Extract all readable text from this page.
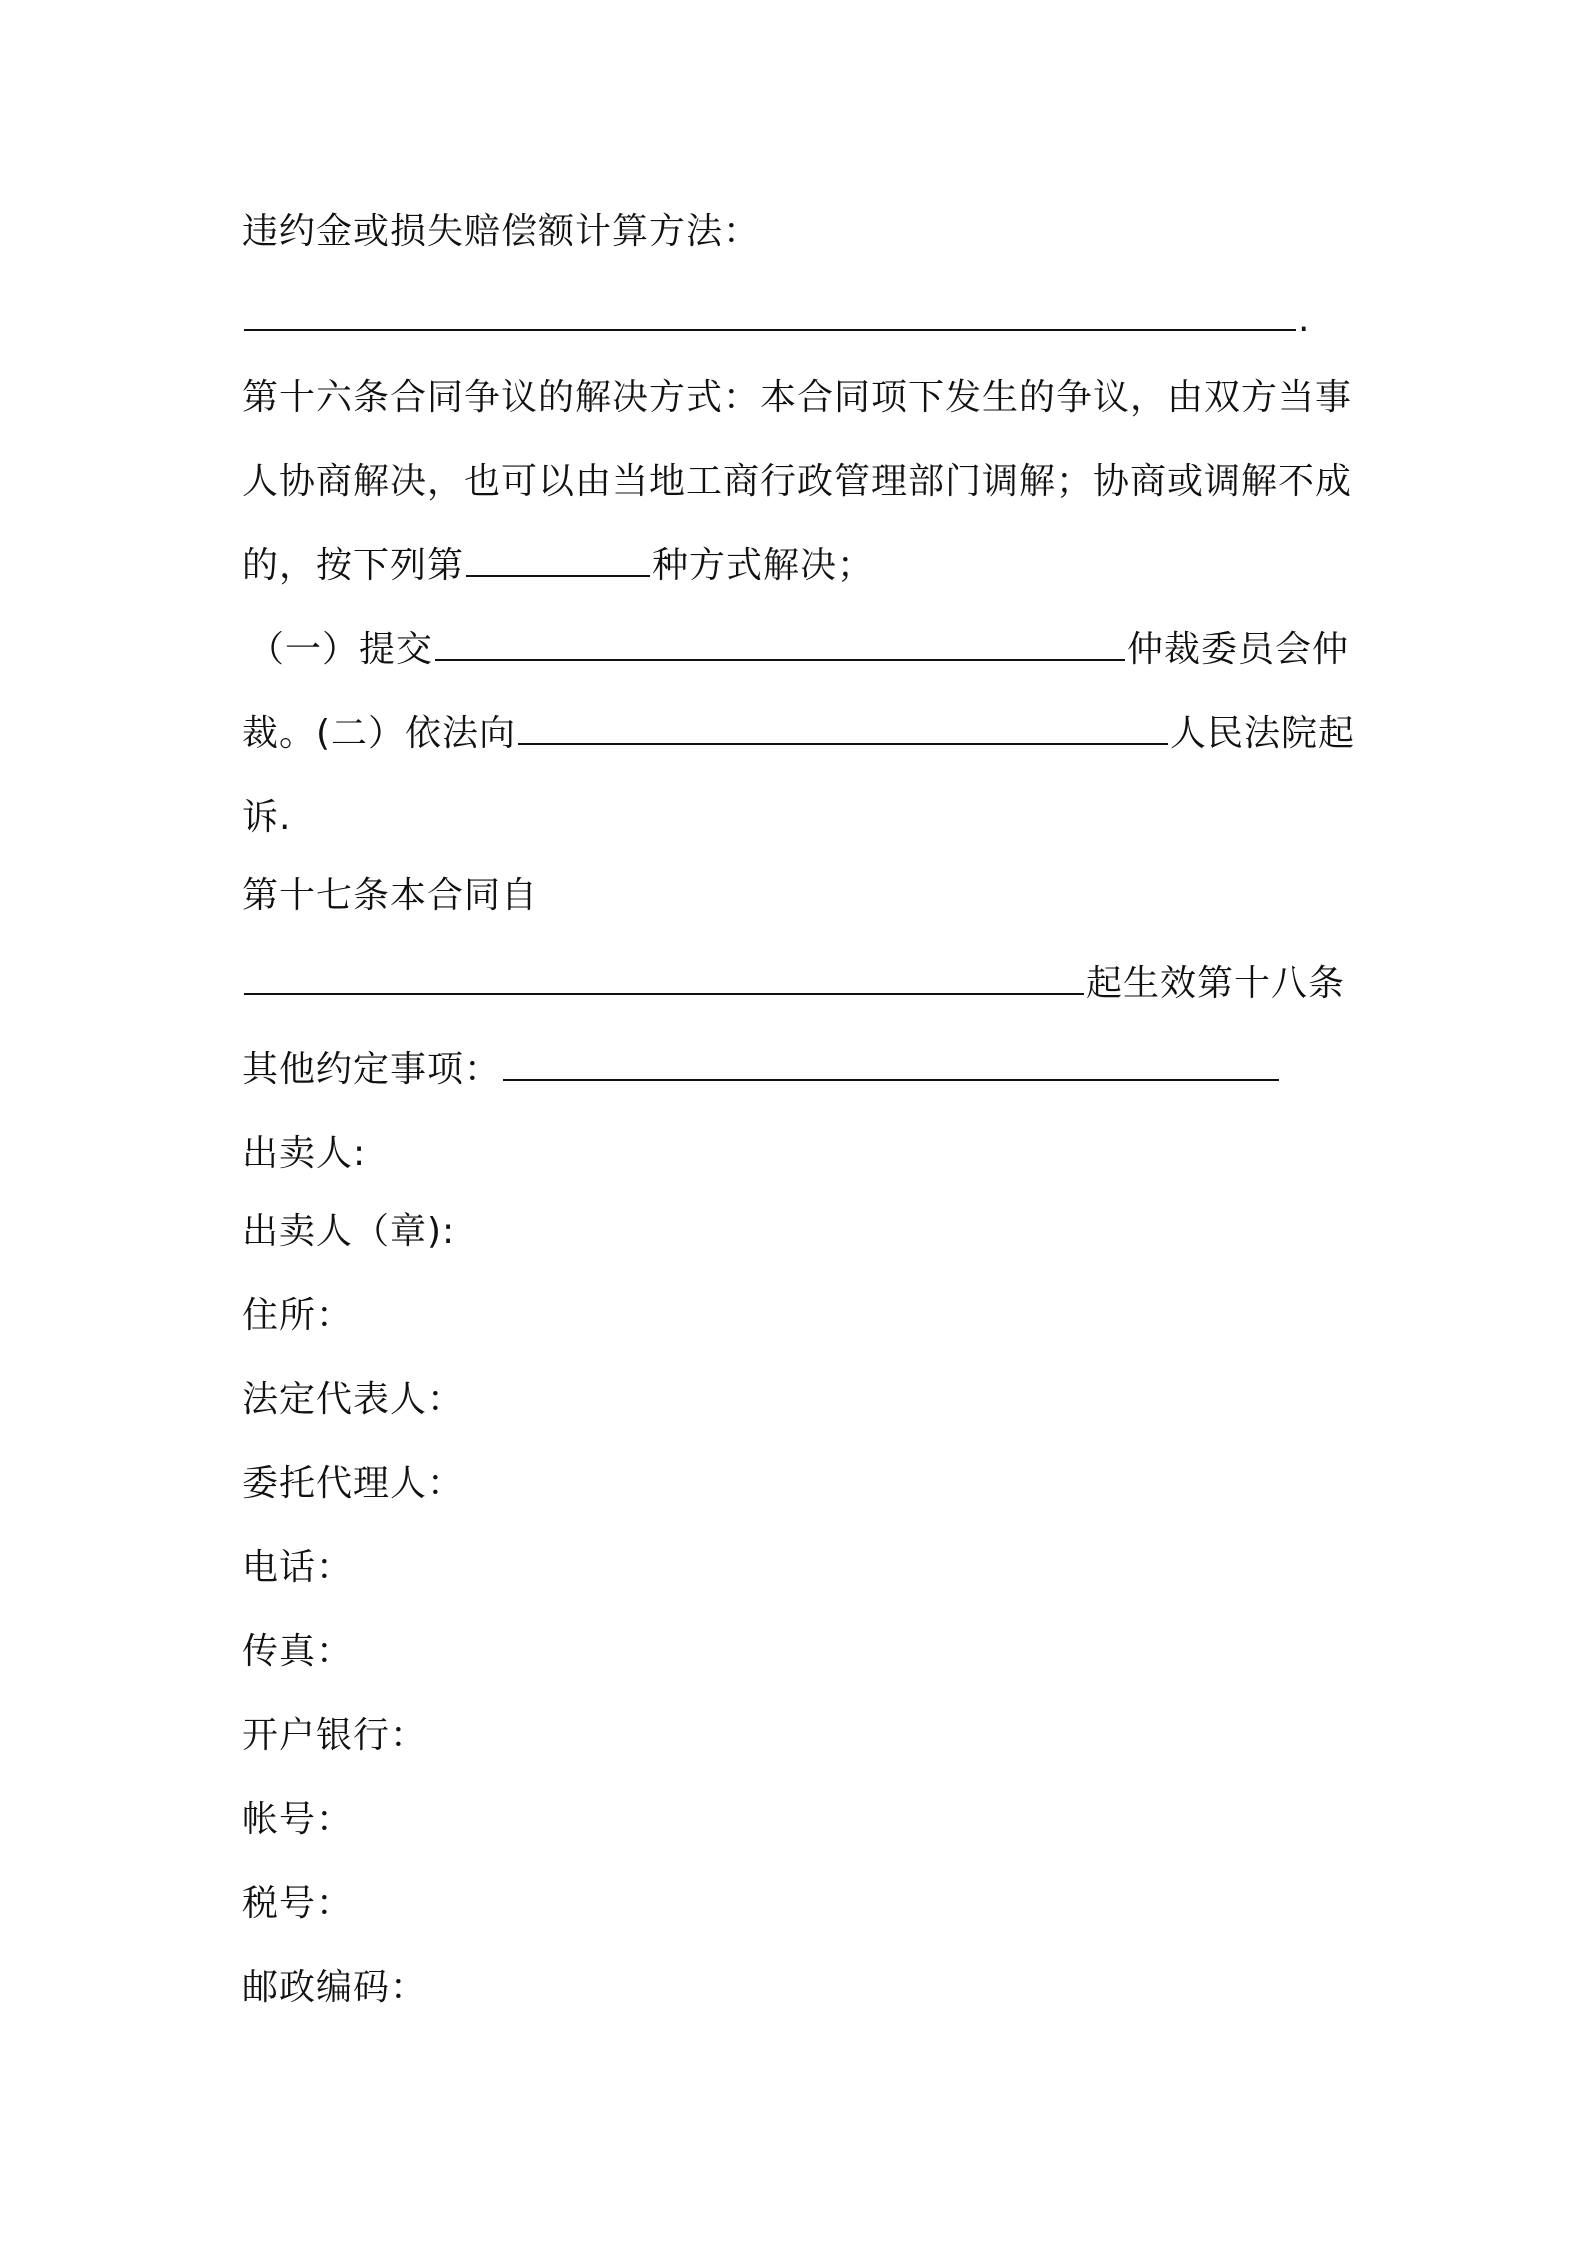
违约金或损失赔偿额计算方法：
.
第十六条合同争议的解决方式：本合同项下发生的争议，由双方当事
人协商解决，也可以由当地工商行政管理部门调解；协商或调解不成
的，按下列第	种方式解决；
（一）提交	仲裁委员会仲
裁。(二）依法向	人民法院起
诉.
第十七条本合同自
起生效第十八条
其他约定事项：
出卖人:
出卖人（章):
住所：
法定代表人：
委托代理人：
电话：
传真：
开户银行：
帐号：
税号：
邮政编码：
